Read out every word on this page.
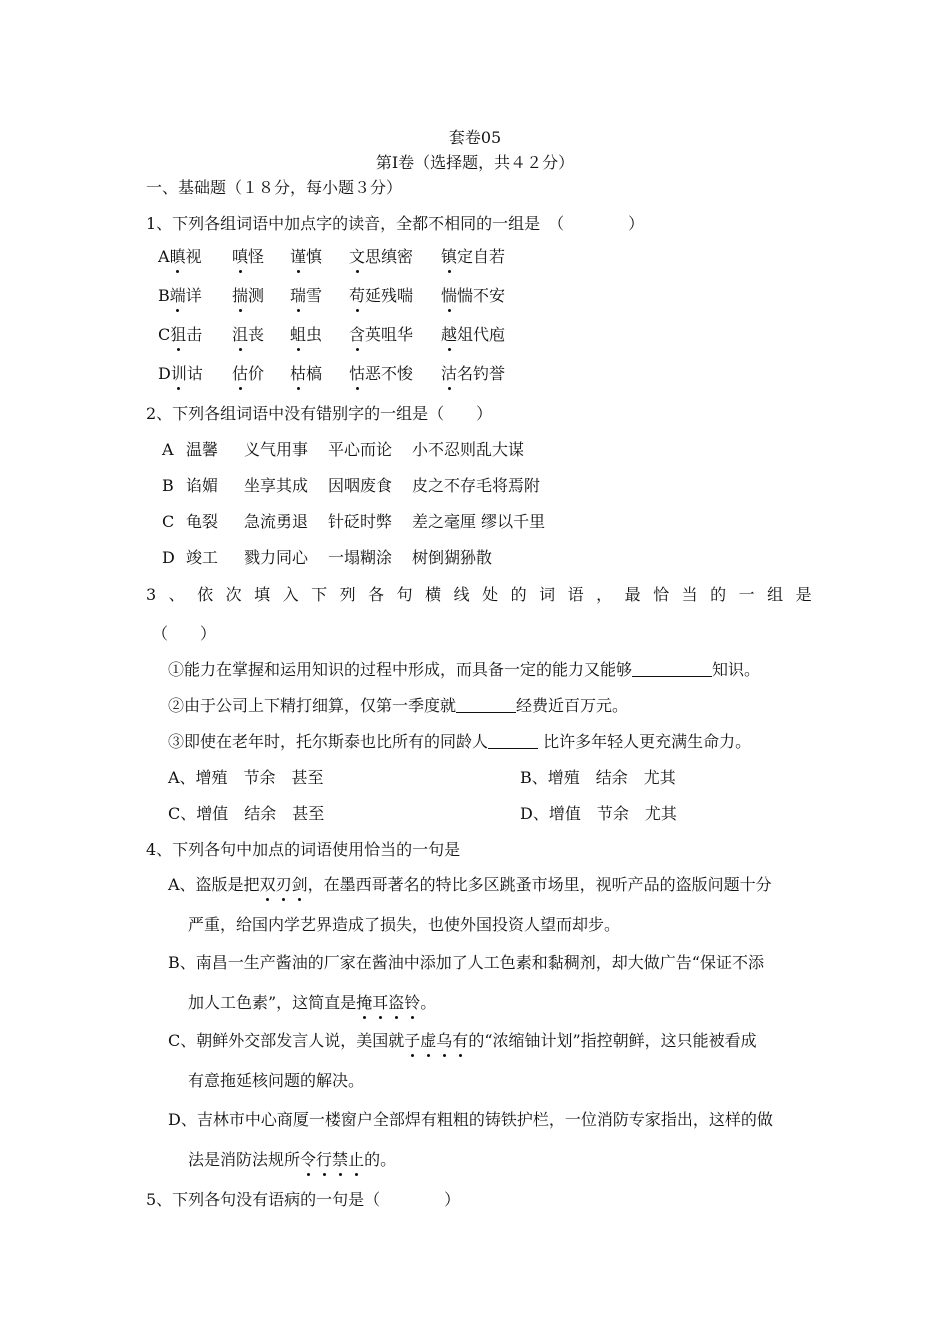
套卷05
第Ⅰ卷（选择题，共４２分）
一、基础题（１８分，每小题３分）
1、下列各组词语中加点字的读音，全都不相同的一组是　（　　　　）
A瞋视 嗔怪 谨慎 文思缜密 镇定自若
B端详 揣测 瑞雪 苟延残喘 惴惴不安
C狙击 沮丧 蛆虫 含英咀华 越俎代庖
D训诂 估价 枯槁 怙恶不悛 沽名钓誉
2、下列各组词语中没有错别字的一组是（　　）
A 温馨 义气用事 平心而论 小不忍则乱大谋
B 谄媚 坐享其成 因咽废食 皮之不存毛将焉附
C 龟裂 急流勇退 针砭时弊 差之毫厘 缪以千里
D 竣工 戮力同心 一塌糊涂 树倒猢狲散
3、依次填入下列各句横线处的词语，最恰当的一组是
（　　）
①能力在掌握和运用知识的过程中形成，而具备一定的能力又能够	知识。
②由于公司上下精打细算，仅第一季度就	经费近百万元。
③即使在老年时，托尔斯泰也比所有的同龄人	比许多年轻人更充满生命力。
A、增殖　节余　甚至	B、增殖　结余　尤其
C、增值　结余　甚至	D、增值　节余　尤其
4、下列各句中加点的词语使用恰当的一句是
A、盗版是把双刃剑，在墨西哥著名的特比多区跳蚤市场里，视听产品的盗版问题十分
严重，给国内学艺界造成了损失，也使外国投资人望而却步。
B、南昌一生产酱油的厂家在酱油中添加了人工色素和黏稠剂，却大做广告“保证不添
加人工色素”，这简直是掩耳盗铃。
C、朝鲜外交部发言人说，美国就子虚乌有的“浓缩铀计划”指控朝鲜，这只能被看成
有意拖延核问题的解决。
D、吉林市中心商厦一楼窗户全部焊有粗粗的铸铁护栏，一位消防专家指出，这样的做
法是消防法规所令行禁止的。
5、下列各句没有语病的一句是（　　　　）
